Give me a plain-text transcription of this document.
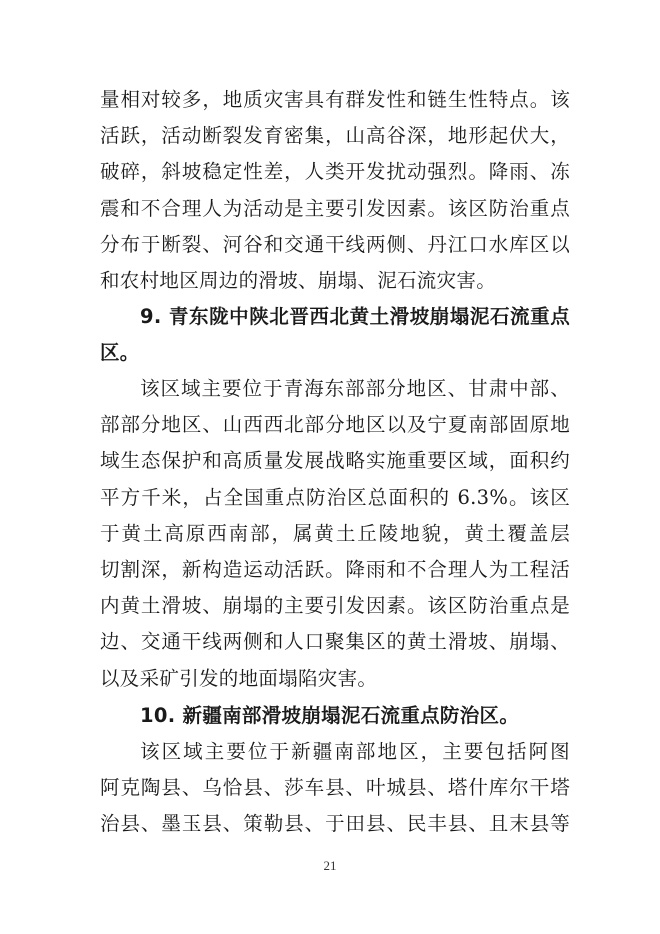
量相对较多，地质灾害具有群发性和链生性特点。该
活跃，活动断裂发育密集，山高谷深，地形起伏大，
破碎，斜坡稳定性差，人类开发扰动强烈。降雨、冻
震和不合理人为活动是主要引发因素。该区防治重点
分布于断裂、河谷和交通干线两侧、丹江口水库区以
和农村地区周边的滑坡、崩塌、泥石流灾害。
9. 青东陇中陕北晋西北黄土滑坡崩塌泥石流重点
区。
该区域主要位于青海东部部分地区、甘肃中部、
部部分地区、山西西北部分地区以及宁夏南部固原地
域生态保护和高质量发展战略实施重要区域，面积约
平方千米，占全国重点防治区总面积的 6.3%。该区
于黄土高原西南部，属黄土丘陵地貌，黄土覆盖层
切割深，新构造运动活跃。降雨和不合理人为工程活
内黄土滑坡、崩塌的主要引发因素。该区防治重点是
边、交通干线两侧和人口聚集区的黄土滑坡、崩塌、
以及采矿引发的地面塌陷灾害。
10. 新疆南部滑坡崩塌泥石流重点防治区。
该区域主要位于新疆南部地区，主要包括阿图
阿克陶县、乌恰县、莎车县、叶城县、塔什库尔干塔
治县、墨玉县、策勒县、于田县、民丰县、且末县等
21
